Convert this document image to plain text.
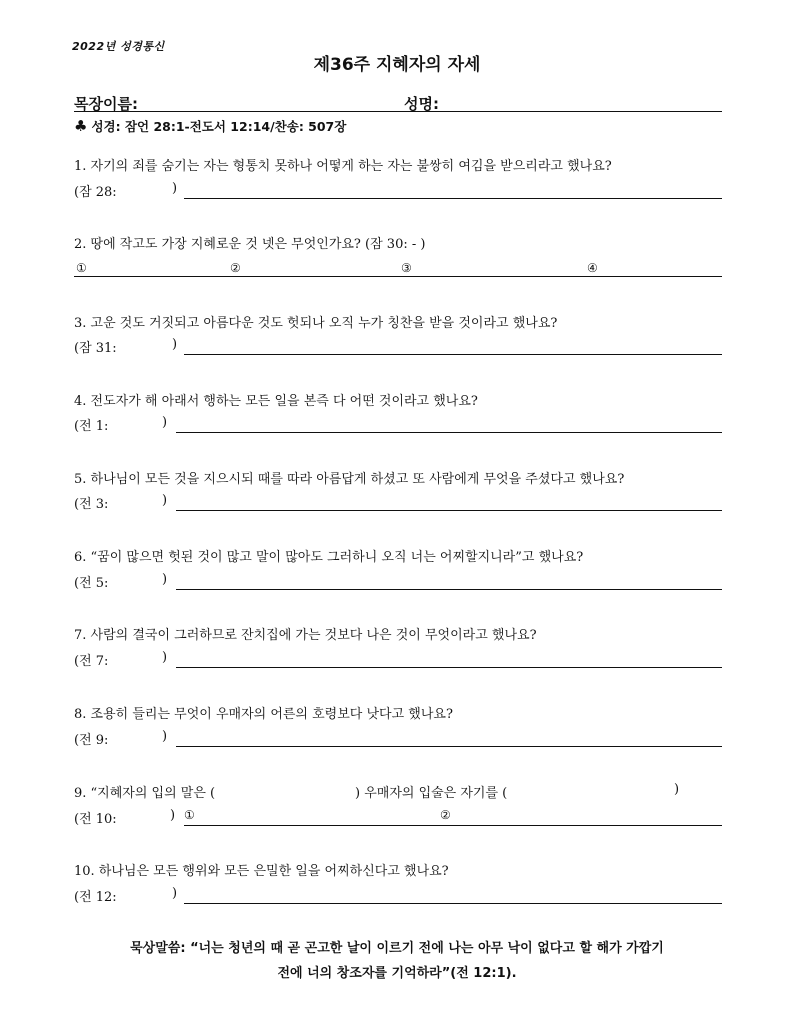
2022년 성경통신
제36주 지혜자의 자세
목장이름:	성명:
♣ 성경: 잠언 28:1-전도서 12:14/찬송: 507장
1. 자기의 죄를 숨기는 자는 형통치 못하나 어떻게 하는 자는 불쌍히 여김을 받으리라고 했나요?
(잠 28:	)
2. 땅에 작고도 가장 지혜로운 것 넷은 무엇인가요? (잠 30: - )
①	②	③	④
3. 고운 것도 거짓되고 아름다운 것도 헛되나 오직 누가 칭찬을 받을 것이라고 했나요?
(잠 31:	)
4. 전도자가 해 아래서 행하는 모든 일을 본즉 다 어떤 것이라고 했나요?
(전 1:	)
5. 하나님이 모든 것을 지으시되 때를 따라 아름답게 하셨고 또 사람에게 무엇을 주셨다고 했나요?
(전 3:	)
6. “꿈이 많으면 헛된 것이 많고 말이 많아도 그러하니 오직 너는 어찌할지니라”고 했나요?
(전 5:	)
7. 사람의 결국이 그러하므로 잔치집에 가는 것보다 나은 것이 무엇이라고 했나요?
(전 7:	)
8. 조용히 들리는 무엇이 우매자의 어른의 호령보다 낫다고 했나요?
(전 9:	)
9. “지혜자의 입의 말은 (	) 우매자의 입술은 자기를 (	)
(전 10:	) ①	②
10. 하나님은 모든 행위와 모든 은밀한 일을 어찌하신다고 했나요?
(전 12:	)
묵상말씀: “너는 청년의 때 곧 곤고한 날이 이르기 전에 나는 아무 낙이 없다고 할 해가 가깝기
전에 너의 창조자를 기억하라”(전 12:1).
